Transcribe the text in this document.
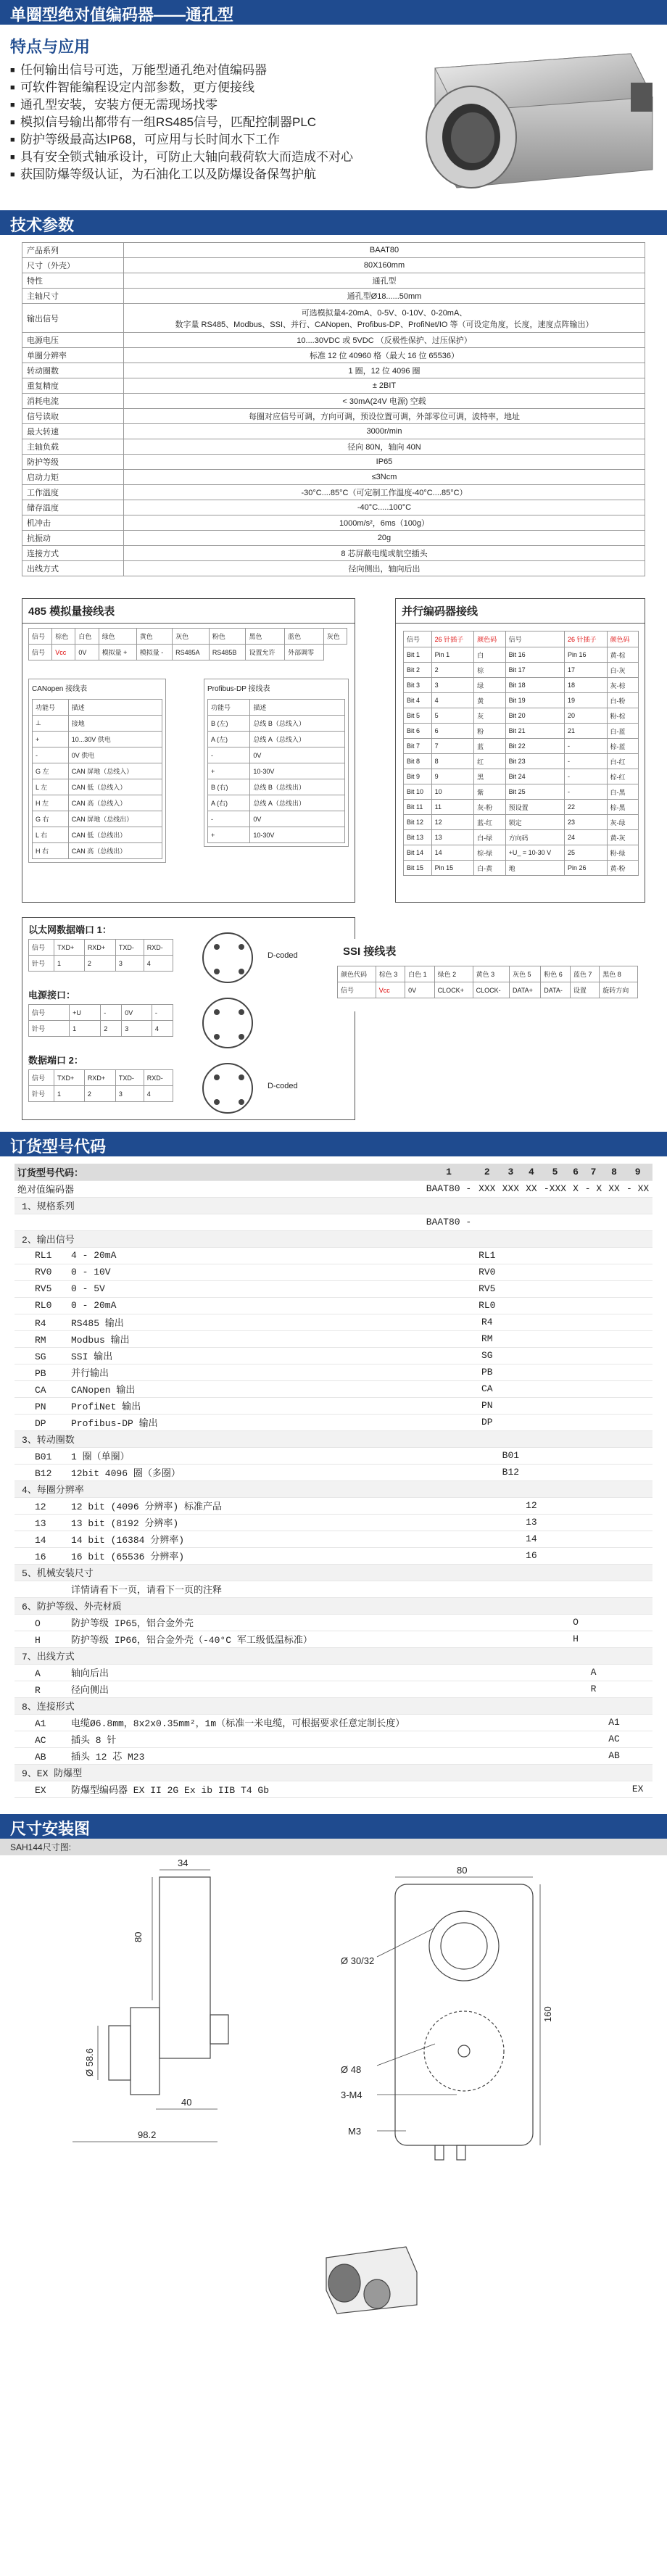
单圈型绝对值编码器——通孔型
特点与应用
■ 任何输出信号可选，万能型通孔绝对值编码器
■ 可软件智能编程设定内部参数，更方便接线
■ 通孔型安装，安装方便无需现场找零
■ 模拟信号输出都带有一组RS485信号，匹配控制器PLC
■ 防护等级最高达IP68，可应用与长时间水下工作
■ 具有安全锁式轴承设计，可防止大轴向载荷软大而造成不对心
■ 获国防爆等级认证，为石油化工以及防爆设备保驾护航
技术参数
产品系列	BAAT80
尺寸（外壳）	80X160mm
特性	通孔型
主轴尺寸	通孔型Ø18......50mm
输出信号	可选模拟量4-20mA、0-5V、0-10V、0-20mA、
数字量 RS485、Modbus、SSI、并行、CANopen、Profibus-DP、ProfiNet/IO 等（可设定角度，长度，速度点阵输出）
电源电压	10....30VDC 或 5VDC （反极性保护、过压保护）
单圈分辨率	标准 12 位 40960 格（最大 16 位 65536）
转动圈数	1 圈，12 位 4096 圈
重复精度	± 2BIT
消耗电流	< 30mA(24V 电源) 空载
信号读取	每圈对应信号可调，方向可调，预设位置可调，外部零位可调，波特率，地址
最大转速	3000r/min
主轴负载	径向 80N，轴向 40N
防护等级	IP65
启动力矩	≤3Ncm
工作温度	-30°C....85°C（可定制工作温度-40°C....85°C）
储存温度	-40°C.....100°C
机冲击	1000m/s²，6ms（100g）
抗振动	20g
连接方式	8 芯屏蔽电缆或航空插头
出线方式	径向侧出，轴向后出
485 模拟量接线表
信号	棕色	白色	绿色	黄色	灰色	粉色	黑色	蓝色	灰色
信号	Vcc	0V	模拟量 +	模拟量 -	RS485A	RS485B	设置允许	外部调零	
CANopen 接线表
功能号	描述
⊥	接地
+	10...30V 供电
-	0V 供电
G 左	CAN 屏地（总线入）
L 左	CAN 低（总线入）
H 左	CAN 高（总线入）
G 右	CAN 屏地（总线出）
L 右	CAN 低（总线出）
H 右	CAN 高（总线出）
Profibus-DP 接线表
功能号	描述
B (左)	总线 B（总线入）
A (左)	总线 A（总线入）
-	0V
+	10-30V
B (右)	总线 B（总线出）
A (右)	总线 A（总线出）
-	0V
+	10-30V
并行编码器接线
信号	26 针插子	颜色码	信号	26 针插子	颜色码
Bit 1	Pin 1	白	Bit 16	Pin 16	黄-棕
Bit 2	2	棕	Bit 17	17	白-灰
Bit 3	3	绿	Bit 18	18	灰-棕
Bit 4	4	黄	Bit 19	19	白-粉
Bit 5	5	灰	Bit 20	20	粉-棕
Bit 6	6	粉	Bit 21	21	白-蓝
Bit 7	7	蓝	Bit 22	-	棕-蓝
Bit 8	8	红	Bit 23	-	白-红
Bit 9	9	黑	Bit 24	-	棕-红
Bit 10	10	紫	Bit 25	-	白-黑
Bit 11	11	灰-粉	预设置	22	棕-黑
Bit 12	12	蓝-红	锁定	23	灰-绿
Bit 13	13	白-绿	方向码	24	黄-灰
Bit 14	14	棕-绿	+U_ = 10-30 V	25	粉-绿
Bit 15	Pin 15	白-黄	地	Pin 26	黄-粉
以太网数据端口 1：
信号	TXD+	RXD+	TXD-	RXD-
针号	1	2	3	4
D-coded
电源接口：
信号	+U	-	0V	-
针号	1	2	3	4
数据端口 2：
信号	TXD+	RXD+	TXD-	RXD-
针号	1	2	3	4
D-coded
SSI 接线表
颜色代码	棕色 3	白色 1	绿色 2	黄色 3	灰色 5	粉色 6	蓝色 7	黑色 8
信号	Vcc	0V	CLOCK+	CLOCK-	DATA+	DATA-	设置	旋转方向
订货型号代码
订货型号代码：	1	2	3	4	5	6	7	8	9
绝对值编码器	BAAT80 -	XXX	XXX	XX	-XXX	X	- X	XX	- XX
1、规格系列									
	BAAT80 -								
2、输出信号									
RL1 4 - 20mA		RL1							
RV0 0 - 10V		RV0							
RV5 0 - 5V		RV5							
RL0 0 - 20mA		RL0							
R4 RS485 输出		R4							
RM Modbus 输出		RM							
SG SSI 输出		SG							
PB 并行输出		PB							
CA CANopen 输出		CA							
PN ProfiNet 输出		PN							
DP Profibus-DP 输出		DP							
3、转动圈数									
B01 1 圈（单圈）			B01						
B12 12bit 4096 圈（多圈）			B12						
4、每圈分辨率									
12 12 bit (4096 分辨率) 标准产品				12					
13 13 bit (8192 分辨率)				13					
14 14 bit (16384 分辨率)				14					
16 16 bit (65536 分辨率)				16					
5、机械安装尺寸									
详情请看下一页，请看下一页的注释									
6、防护等级、外壳材质									
O 防护等级 IP65，铝合金外壳						O			
H 防护等级 IP66，铝合金外壳（-40°C 军工级低温标准）						H			
7、出线方式									
A 轴向后出							A		
R 径向侧出							R		
8、连接形式									
A1 电缆Ø6.8mm，8x2x0.35mm²，1m（标准一米电缆，可根据要求任意定制长度）								A1	
AC 插头 8 针								AC	
AB 插头 12 芯 M23								AB	
9、EX 防爆型									
EX 防爆型编码器 EX II 2G Ex ib IIB T4 Gb									EX
尺寸安装图
SAH144尺寸图:
34
80
Ø 58.6
40
98.2
80
Ø 30/32
Ø 48
3-M4
M3
160
